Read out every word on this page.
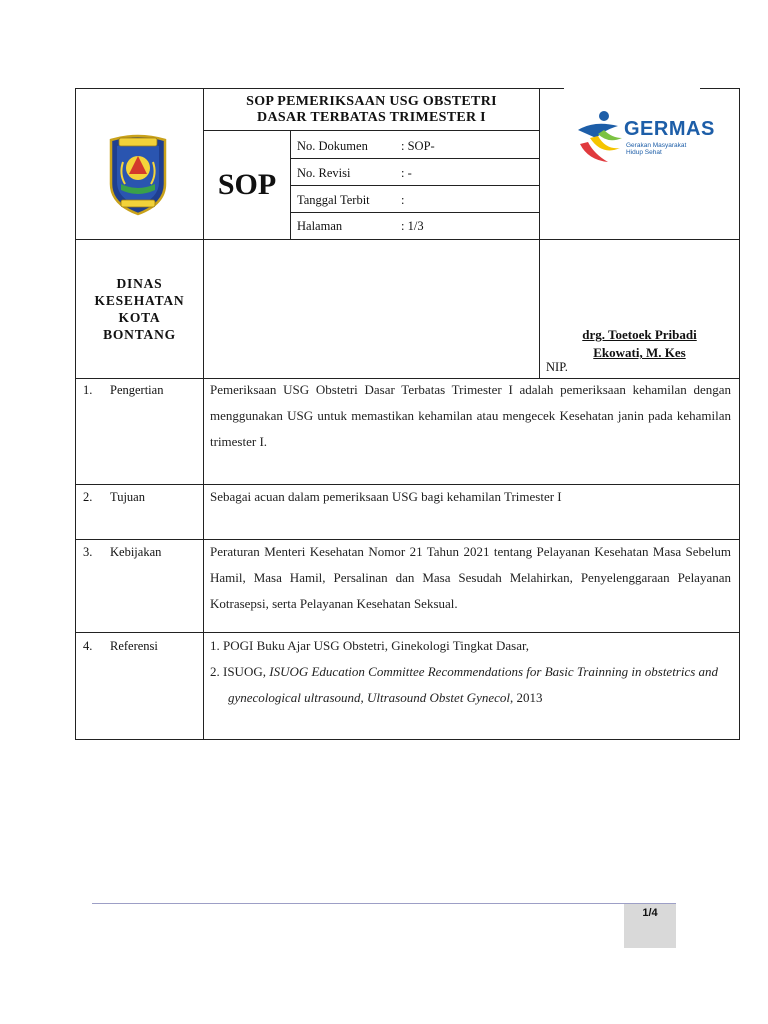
SOP PEMERIKSAAN USG OBSTETRI
DASAR TERBATAS TRIMESTER I
SOP
No. Dokumen	: SOP-
No. Revisi	: -
Tanggal Terbit	:
Halaman	: 1/3
GERMAS
Gerakan Masyarakat
Hidup Sehat
DINAS
KESEHATAN
KOTA
BONTANG	drg. Toetoek Pribadi
Ekowati, M. Kes
NIP.
1. Pengertian	Pemeriksaan USG Obstetri Dasar Terbatas Trimester I adalah pemeriksaan kehamilan dengan menggunakan USG untuk memastikan kehamilan atau mengecek Kesehatan janin pada kehamilan trimester I.
2. Tujuan	Sebagai acuan dalam pemeriksaan USG bagi kehamilan Trimester I
3. Kebijakan	Peraturan Menteri Kesehatan Nomor 21 Tahun 2021 tentang Pelayanan Kesehatan Masa Sebelum Hamil, Masa Hamil, Persalinan dan Masa Sesudah Melahirkan, Penyelenggaraan Pelayanan Kotrasepsi, serta Pelayanan Kesehatan Seksual.
4. Referensi	1. POGI Buku Ajar USG Obstetri, Ginekologi Tingkat Dasar,
2. ISUOG, ISUOG Education Committee Recommendations for Basic Trainning in obstetrics and gynecological ultrasound, Ultrasound Obstet Gynecol, 2013
1/4
